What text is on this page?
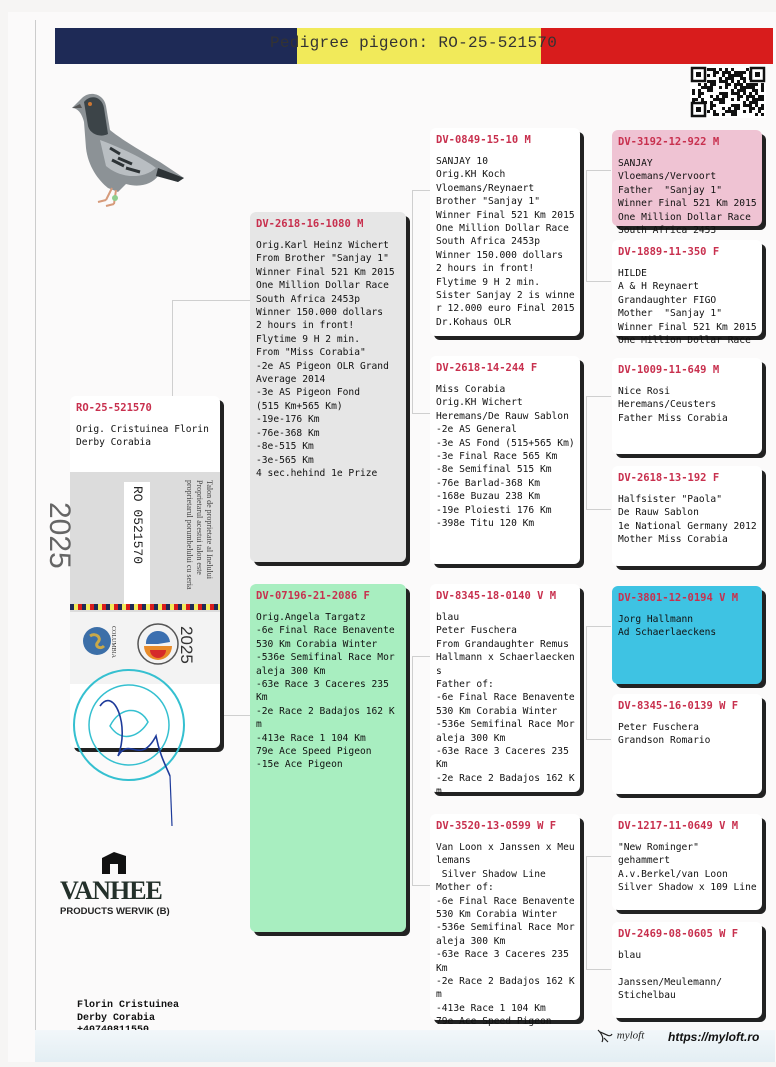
Pedigree pigeon: RO-25-521570
RO-25-521570
Orig. Cristuinea Florin
Derby Corabia
2025	RO 0521570	Talon de proprietate al Inelului
Proprietarul acestui talon este
proprietarul porumbelului cu seria
COLUMBIA	2025
DV-2618-16-1080 M
Orig.Karl Heinz Wichert
From Brother "Sanjay 1"
Winner Final 521 Km 2015
One Million Dollar Race
South Africa 2453p
Winner 150.000 dollars
2 hours in front!
Flytime 9 H 2 min.
From "Miss Corabia"
-2e AS Pigeon OLR Grand
Average 2014
-3e AS Pigeon Fond
(515 Km+565 Km)
-19e-176 Km
-76e-368 Km
-8e-515 Km
-3e-565 Km
4 sec.hehind 1e Prize
DV-07196-21-2086 F
Orig.Angela Targatz
-6e Final Race Benavente
530 Km Corabia Winter
-536e Semifinal Race Mor
aleja 300 Km
-63e Race 3 Caceres 235
Km
-2e Race 2 Badajos 162 K
m
-413e Race 1 104 Km
79e Ace Speed Pigeon
-15e Ace Pigeon
DV-0849-15-10 M
SANJAY 10
Orig.KH Koch
Vloemans/Reynaert
Brother "Sanjay 1"
Winner Final 521 Km 2015
One Million Dollar Race
South Africa 2453p
Winner 150.000 dollars
2 hours in front!
Flytime 9 H 2 min.
Sister Sanjay 2 is winne
r 12.000 euro Final 2015
Dr.Kohaus OLR
DV-2618-14-244 F
Miss Corabia
Orig.KH Wichert
Heremans/De Rauw Sablon
-2e AS General
-3e AS Fond (515+565 Km)
-3e Final Race 565 Km
-8e Semifinal 515 Km
-76e Barlad-368 Km
-168e Buzau 238 Km
-19e Ploiesti 176 Km
-398e Titu 120 Km
DV-8345-18-0140 V M
blau
Peter Fuschera
From Grandaughter Remus
Hallmann x Schaerlaecken
s
Father of:
-6e Final Race Benavente
530 Km Corabia Winter
-536e Semifinal Race Mor
aleja 300 Km
-63e Race 3 Caceres 235
Km
-2e Race 2 Badajos 162 K
m
DV-3520-13-0599 W F
Van Loon x Janssen x Meu
lemans
Silver Shadow Line
Mother of:
-6e Final Race Benavente
530 Km Corabia Winter
-536e Semifinal Race Mor
aleja 300 Km
-63e Race 3 Caceres 235
Km
-2e Race 2 Badajos 162 K
m
-413e Race 1 104 Km
79e Ace Speed Pigeon
DV-3192-12-922 M
SANJAY
Vloemans/Vervoort
Father  "Sanjay 1"
Winner Final 521 Km 2015
One Million Dollar Race
South Africa 2453
DV-1889-11-350 F
HILDE
A & H Reynaert
Grandaughter FIGO
Mother  "Sanjay 1"
Winner Final 521 Km 2015
One Million Dollar Race
DV-1009-11-649 M
Nice Rosi
Heremans/Ceusters
Father Miss Corabia
DV-2618-13-192 F
Halfsister "Paola"
De Rauw Sablon
1e National Germany 2012
Mother Miss Corabia
DV-3801-12-0194 V M
Jorg Hallmann
Ad Schaerlaeckens
DV-8345-16-0139 W F
Peter Fuschera
Grandson Romario
DV-1217-11-0649 V M
"New Rominger"
gehammert
A.v.Berkel/van Loon
Silver Shadow x 109 Line
DV-2469-08-0605 W F
blau

Janssen/Meulemann/
Stichelbau
VANHEE
PRODUCTS WERVIK (B)
Florin Cristuinea
Derby Corabia
myloft https://myloft.ro
